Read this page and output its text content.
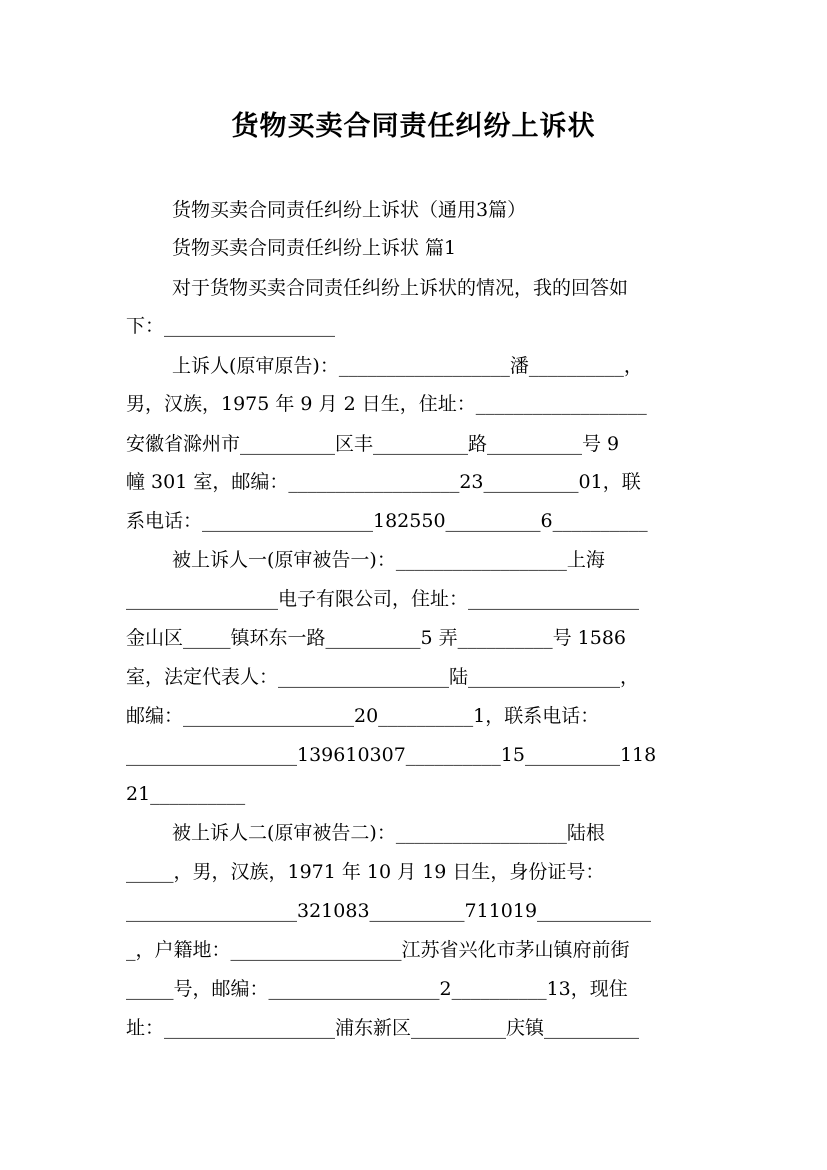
货物买卖合同责任纠纷上诉状
货物买卖合同责任纠纷上诉状（通用3篇）
货物买卖合同责任纠纷上诉状 篇1
对于货物买卖合同责任纠纷上诉状的情况，我的回答如
下：__________________
上诉人(原审原告)：__________________潘__________，
男，汉族，1975 年 9 月 2 日生，住址：__________________
安徽省滁州市__________区丰__________路__________号 9
幢 301 室，邮编：__________________23__________01，联
系电话：__________________182550__________6__________
被上诉人一(原审被告一)：__________________上海
________________电子有限公司，住址：__________________
金山区_____镇环东一路__________5 弄__________号 1586
室，法定代表人：__________________陆________________，
邮编：__________________20__________1，联系电话：
__________________139610307__________15__________118
21__________
被上诉人二(原审被告二)：__________________陆根
_____，男，汉族，1971 年 10 月 19 日生，身份证号：
__________________321083__________711019____________
_，户籍地：__________________江苏省兴化市茅山镇府前街
_____号，邮编：__________________2__________13，现住
址：__________________浦东新区__________庆镇__________
